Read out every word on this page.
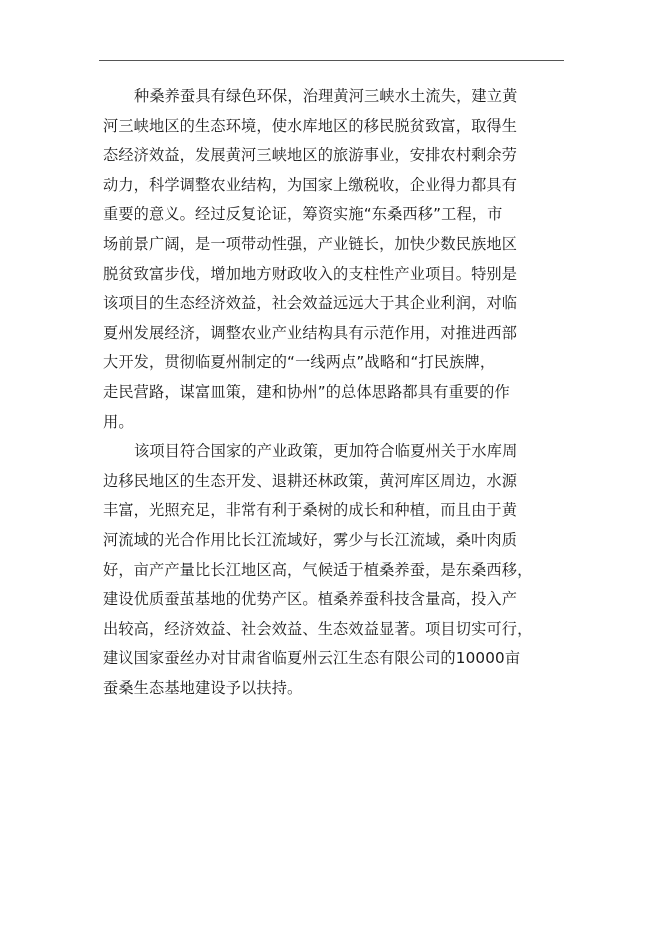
种桑养蚕具有绿色环保，治理黄河三峡水土流失，建立黄
河三峡地区的生态环境，使水库地区的移民脱贫致富，取得生
态经济效益，发展黄河三峡地区的旅游事业，安排农村剩余劳
动力，科学调整农业结构，为国家上缴税收，企业得力都具有
重要的意义。经过反复论证，筹资实施“东桑西移”工程，市
场前景广阔，是一项带动性强，产业链长，加快少数民族地区
脱贫致富步伐，增加地方财政收入的支柱性产业项目。特别是
该项目的生态经济效益，社会效益远远大于其企业利润，对临
夏州发展经济，调整农业产业结构具有示范作用，对推进西部
大开发，贯彻临夏州制定的“一线两点”战略和“打民族牌，
走民营路，谋富皿策，建和协州”的总体思路都具有重要的作
用。
该项目符合国家的产业政策，更加符合临夏州关于水库周
边移民地区的生态开发、退耕还林政策，黄河库区周边，水源
丰富，光照充足，非常有利于桑树的成长和种植，而且由于黄
河流域的光合作用比长江流域好，雾少与长江流域，桑叶肉质
好，亩产产量比长江地区高，气候适于植桑养蚕，是东桑西移，
建设优质蚕茧基地的优势产区。植桑养蚕科技含量高，投入产
出较高，经济效益、社会效益、生态效益显著。项目切实可行，
建议国家蚕丝办对甘肃省临夏州云江生态有限公司的10000亩
蚕桑生态基地建设予以扶持。
